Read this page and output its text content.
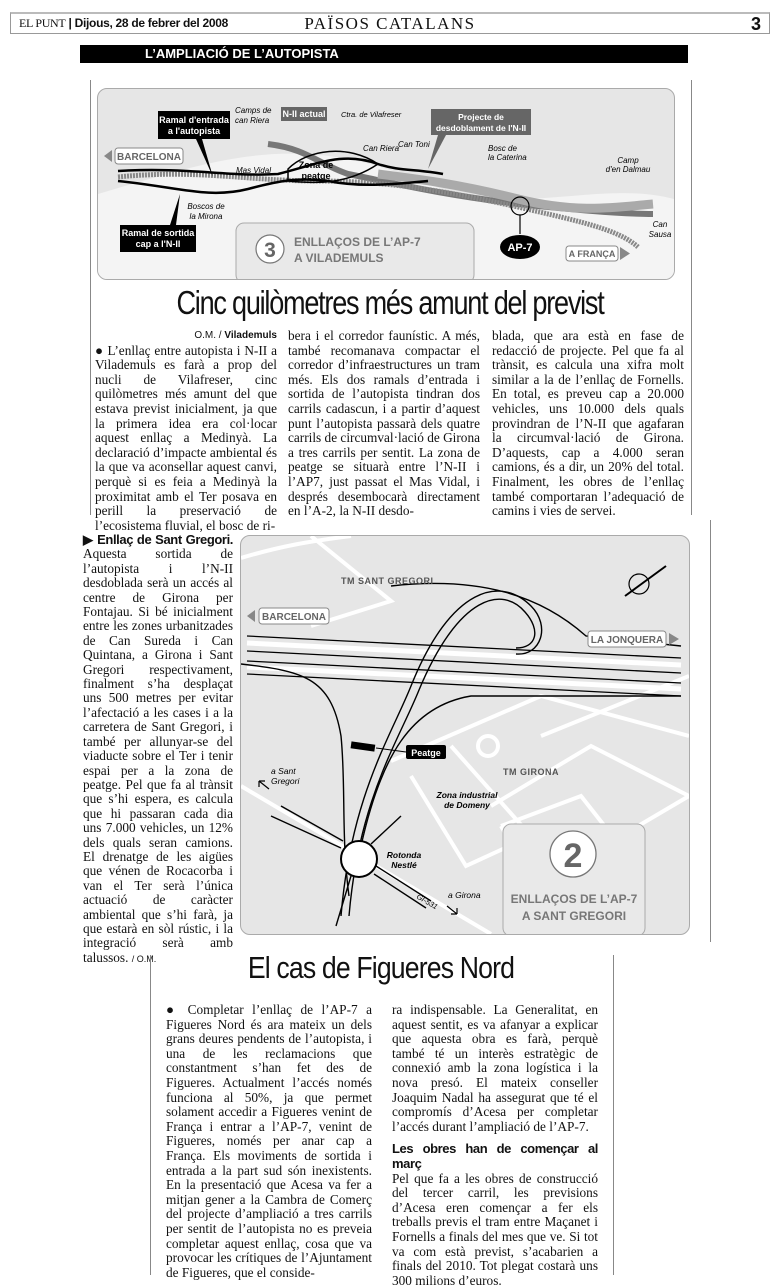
EL PUNT | Dijous, 28 de febrer del 2008	PAÏSOS CATALANS	3
L’AMPLIACIÓ DE L’AUTOPISTA
AP-7
Ramal d'entrada
a l'autopista
Camps de
can Riera
N-II actual Ctra. de Vilafreser	Projecte de
desdoblament de l'N-II
BARCELONA
Mas Vidal
Zona de
peatge
Can Riera
Can Toni	Bosc de
la Caterina	Camp
d'en Dalmau
Boscos de
la Mirona
Ramal de sortida
cap a l'N-II
Can
Sausa
A FRANÇA
3 ENLLAÇOS DE L’AP-7
A VILADEMULS
Cinc quilòmetres més amunt del previst
O.M. / Vilademuls
● L’enllaç entre autopista i N-II a Vilademuls es farà a prop del nucli de Vilafreser, cinc quilòmetres més amunt del que estava previst inicialment, ja que la primera idea era col·locar aquest enllaç a Medinyà. La declaració d’impacte ambiental és la que va aconsellar aquest canvi, perquè si es feia a Medinyà la proximitat amb el Ter posava en perill la preservació de l’ecosistema fluvial, el bosc de ri-
bera i el corredor faunístic. A més, també recomanava compactar el corredor d’infraestructures un tram més. Els dos ramals d’entrada i sortida de l’autopista tindran dos carrils cadascun, i a partir d’aquest punt l’autopista passarà dels quatre carrils de circumval·lació de Girona a tres carrils per sentit. La zona de peatge se situarà entre l’N-II i l’AP7, just passat el Mas Vidal, i després desembocarà directament en l’A-2, la N-II desdo-
blada, que ara està en fase de redacció de projecte. Pel que fa al trànsit, es calcula una xifra molt similar a la de l’enllaç de Fornells. En total, es preveu cap a 20.000 vehicles, uns 10.000 dels quals provindran de l’N-II que agafaran la circumval·lació de Girona. D’aquests, cap a 4.000 seran camions, és a dir, un 20% del total. Finalment, les obres de l’enllaç també comportaran l’adequació de camins i vies de servei.
▶ Enllaç de Sant Gregori. Aquesta sortida de l’autopista i l’N-II desdoblada serà un accés al centre de Girona per Fontajau. Si bé inicialment entre les zones urbanitzades de Can Sureda i Can Quintana, a Girona i Sant Gregori respectivament, finalment s’ha desplaçat uns 500 metres per evitar l’afectació a les cases i a la carretera de Sant Gregori, i també per allunyar-se del viaducte sobre el Ter i tenir espai per a la zona de peatge. Pel que fa al trànsit que s’hi espera, es calcula que hi passaran cada dia uns 7.000 vehicles, un 12% dels quals seran camions. El drenatge de les aigües que vénen de Rocacorba i van el Ter serà l’única actuació de caràcter ambiental que s’hi farà, ja que estarà en sòl rústic, i la integració serà amb talussos. / O.M.
Peatge
TM SANT GREGORI
BARCELONA
LA JONQUERA
a Sant
Gregori
TM GIRONA
Zona industrial
de Domeny
Rotonda
Nestlé
GI-531 a Girona
2
ENLLAÇOS DE L’AP-7
A SANT GREGORI
El cas de Figueres Nord
● Completar l’enllaç de l’AP-7 a Figueres Nord és ara mateix un dels grans deures pendents de l’autopista, i una de les reclamacions que constantment s’han fet des de Figueres. Actualment l’accés només funciona al 50%, ja que permet solament accedir a Figueres venint de França i entrar a l’AP-7, venint de Figueres, només per anar cap a França. Els moviments de sortida i entrada a la part sud són inexistents. En la presentació que Acesa va fer a mitjan gener a la Cambra de Comerç del projecte d’ampliació a tres carrils per sentit de l’autopista no es preveia completar aquest enllaç, cosa que va provocar les crítiques de l’Ajuntament de Figueres, que el conside-
ra indispensable. La Generalitat, en aquest sentit, es va afanyar a explicar que aquesta obra es farà, perquè també té un interès estratègic de connexió amb la zona logística i la nova presó. El mateix conseller Joaquim Nadal ha assegurat que té el compromís d’Acesa per completar l’accés durant l’ampliació de l’AP-7.
Les obres han de començar al març
Pel que fa a les obres de construcció del tercer carril, les previsions d’Acesa eren començar a fer els treballs previs el tram entre Maçanet i Fornells a finals del mes que ve. Si tot va com està previst, s’acabarien a finals del 2010. Tot plegat costarà uns 300 milions d’euros.
